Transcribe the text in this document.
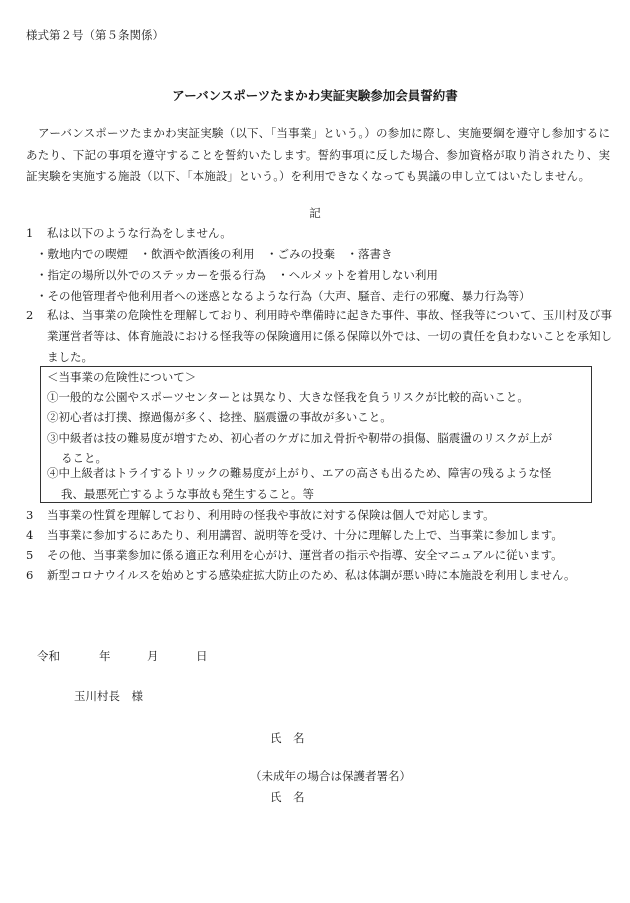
様式第２号（第５条関係）
アーバンスポーツたまかわ実証実験参加会員誓約書
アーバンスポーツたまかわ実証実験（以下、「当事業」という。）の参加に際し、実施要綱を遵守し参加するにあたり、下記の事項を遵守することを誓約いたします。誓約事項に反した場合、参加資格が取り消されたり、実証実験を実施する施設（以下、「本施設」という。）を利用できなくなっても異議の申し立てはいたしません。
記
1 私は以下のような行為をしません。
・敷地内での喫煙　・飲酒や飲酒後の利用　・ごみの投棄　・落書き
・指定の場所以外でのステッカーを張る行為　・ヘルメットを着用しない利用
・その他管理者や他利用者への迷惑となるような行為（大声、騒音、走行の邪魔、暴力行為等）
2 私は、当事業の危険性を理解しており、利用時や準備時に起きた事件、事故、怪我等について、玉川村及び事業運営者等は、体育施設における怪我等の保険適用に係る保障以外では、一切の責任を負わないことを承知しました。
＜当事業の危険性について＞
①一般的な公園やスポーツセンターとは異なり、大きな怪我を負うリスクが比較的高いこと。
②初心者は打撲、擦過傷が多く、捻挫、脳震盪の事故が多いこと。
③中級者は技の難易度が増すため、初心者のケガに加え骨折や靭帯の損傷、脳震盪のリスクが上が
ること。
④中上級者はトライするトリックの難易度が上がり、エアの高さも出るため、障害の残るような怪
我、最悪死亡するような事故も発生すること。等
3 当事業の性質を理解しており、利用時の怪我や事故に対する保険は個人で対応します。
4 当事業に参加するにあたり、利用講習、説明等を受け、十分に理解した上で、当事業に参加します。
5 その他、当事業参加に係る適正な利用を心がけ、運営者の指示や指導、安全マニュアルに従います。
6 新型コロナウイルスを始めとする感染症拡大防止のため、私は体調が悪い時に本施設を利用しません。
令和	年	月	日
玉川村長　様
氏　名
（未成年の場合は保護者署名）
氏　名
